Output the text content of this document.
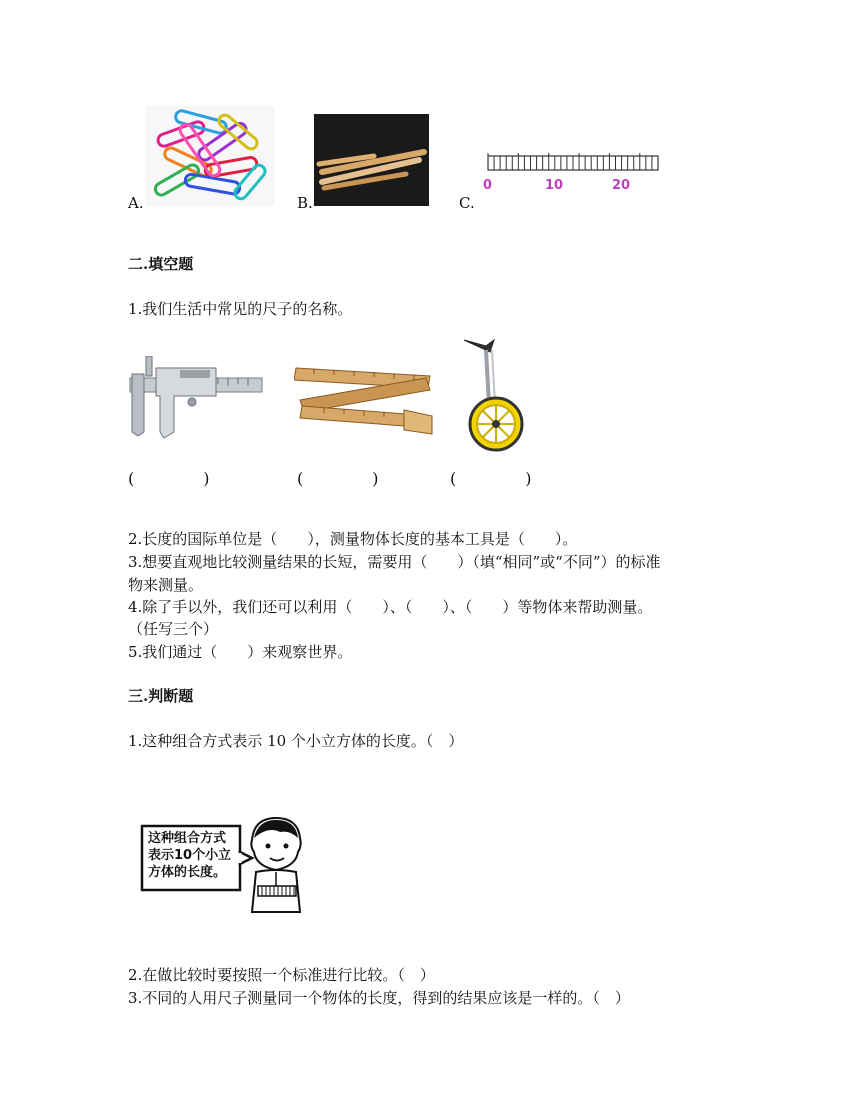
A.	B.	C.
0	10	20
二.填空题
1.我们生活中常见的尺子的名称。
(　　　　)	(　　　　)	(　　　　)
2.长度的国际单位是（　　），测量物体长度的基本工具是（　　）。
3.想要直观地比较测量结果的长短，需要用（　　）（填“相同”或“不同”）的标准
物来测量。
4.除了手以外，我们还可以利用（　　）、（　　）、（　　）等物体来帮助测量。
（任写三个）
5.我们通过（　　）来观察世界。
三.判断题
1.这种组合方式表示 10 个小立方体的长度。（　）
这种组合方式
表示10个小立
方体的长度。
2.在做比较时要按照一个标准进行比较。（　）
3.不同的人用尺子测量同一个物体的长度，得到的结果应该是一样的。（　）
